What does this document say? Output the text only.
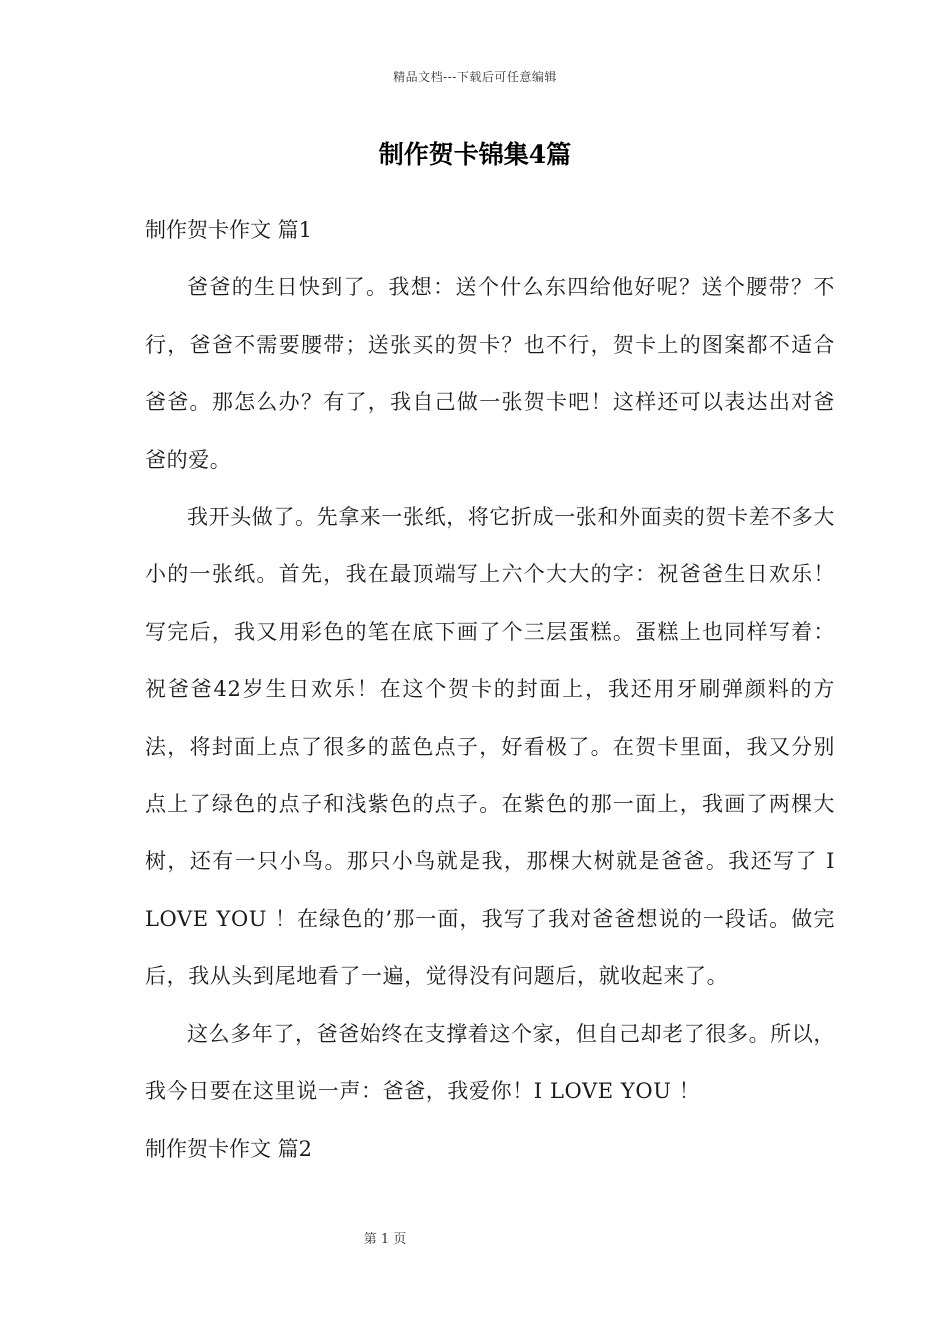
精品文档---下载后可任意编辑
制作贺卡锦集4篇
制作贺卡作文 篇1

爸爸的生日快到了。我想：送个什么东四给他好呢？送个腰带？不行，爸爸不需要腰带；送张买的贺卡？也不行，贺卡上的图案都不适合爸爸。那怎么办？有了，我自己做一张贺卡吧！这样还可以表达出对爸爸的爱。

我开头做了。先拿来一张纸，将它折成一张和外面卖的贺卡差不多大小的一张纸。首先，我在最顶端写上六个大大的字：祝爸爸生日欢乐！写完后，我又用彩色的笔在底下画了个三层蛋糕。蛋糕上也同样写着：祝爸爸42岁生日欢乐！在这个贺卡的封面上，我还用牙刷弹颜料的方法，将封面上点了很多的蓝色点子，好看极了。在贺卡里面，我又分别点上了绿色的点子和浅紫色的点子。在紫色的那一面上，我画了两棵大树，还有一只小鸟。那只小鸟就是我，那棵大树就是爸爸。我还写了 I LOVE YOU ！在绿色的’那一面，我写了我对爸爸想说的一段话。做完后，我从头到尾地看了一遍，觉得没有问题后，就收起来了。

这么多年了，爸爸始终在支撑着这个家，但自己却老了很多。所以，我今日要在这里说一声：爸爸，我爱你！I LOVE YOU ！

制作贺卡作文 篇2
第 1 页
